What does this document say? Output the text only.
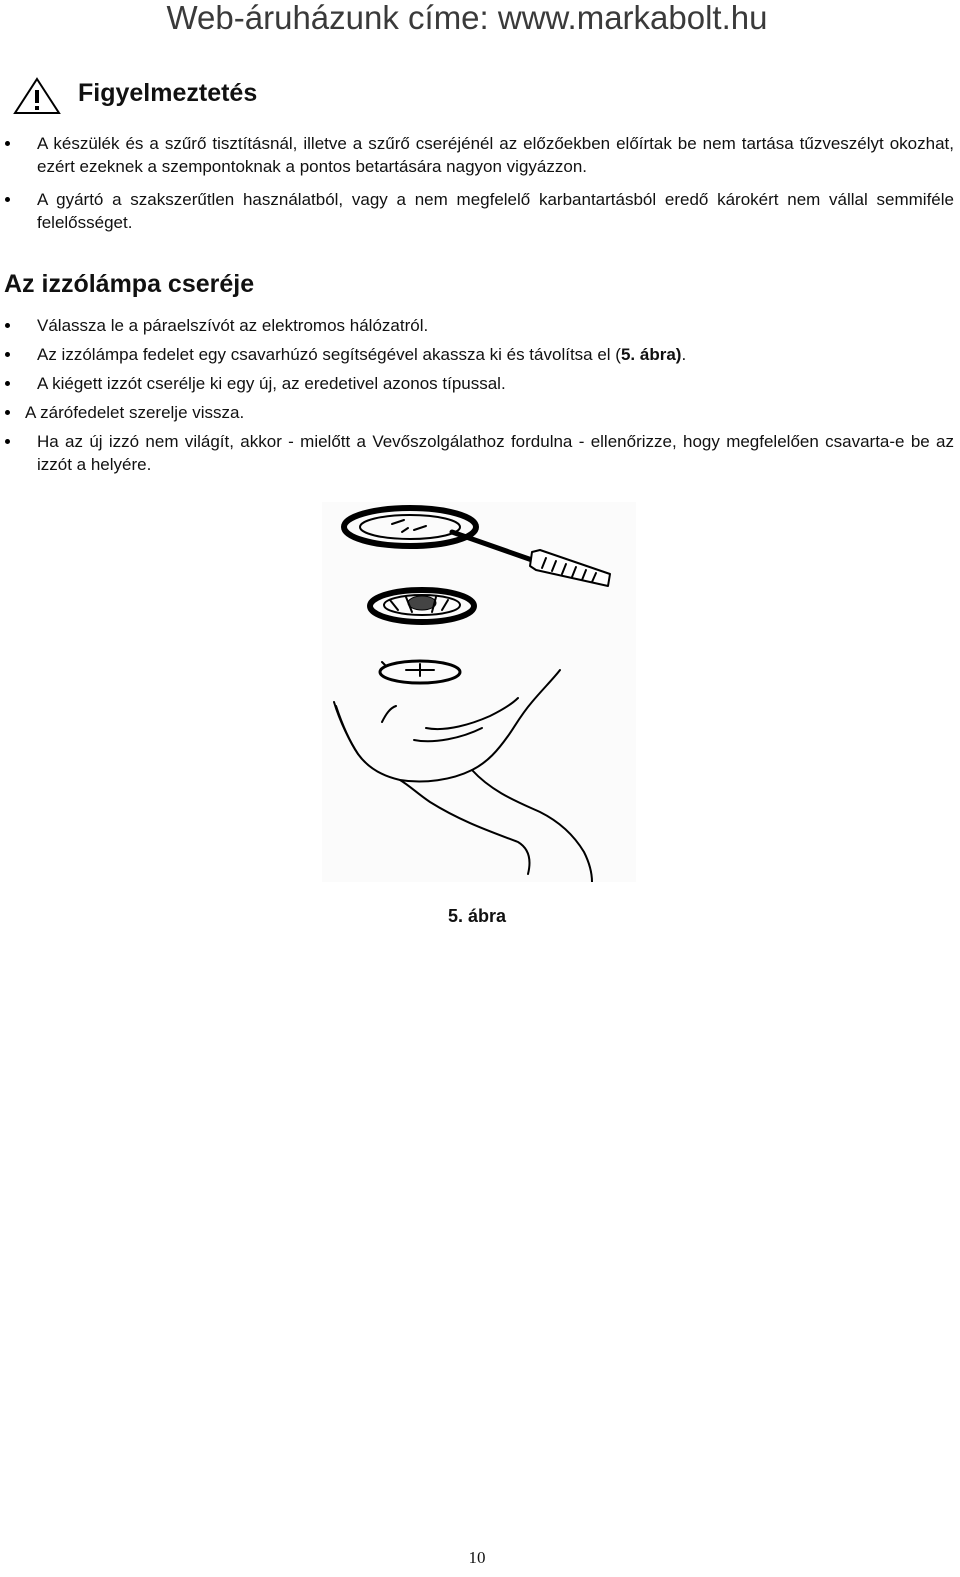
Web-áruházunk címe: www.markabolt.hu
Figyelmeztetés
A készülék és a szűrő tisztításnál, illetve a szűrő cseréjénél az előzőekben előírtak be nem tartása tűzveszélyt okozhat, ezért ezeknek a szempontoknak a pontos betartására nagyon vigyázzon.
A gyártó a szakszerűtlen használatból, vagy a nem megfelelő karbantartásból eredő károkért nem vállal semmiféle felelősséget.
Az izzólámpa cseréje
Válassza le a páraelszívót az elektromos hálózatról.
Az izzólámpa fedelet egy csavarhúzó segítségével akassza ki és távolítsa el (5. ábra).
A kiégett izzót cserélje ki egy új, az eredetivel azonos típussal.
A zárófedelet szerelje vissza.
Ha az új izzó nem világít, akkor - mielőtt a Vevőszolgálathoz fordulna - ellenőrizze, hogy megfelelően csavarta-e be az izzót a helyére.
5. ábra
10
